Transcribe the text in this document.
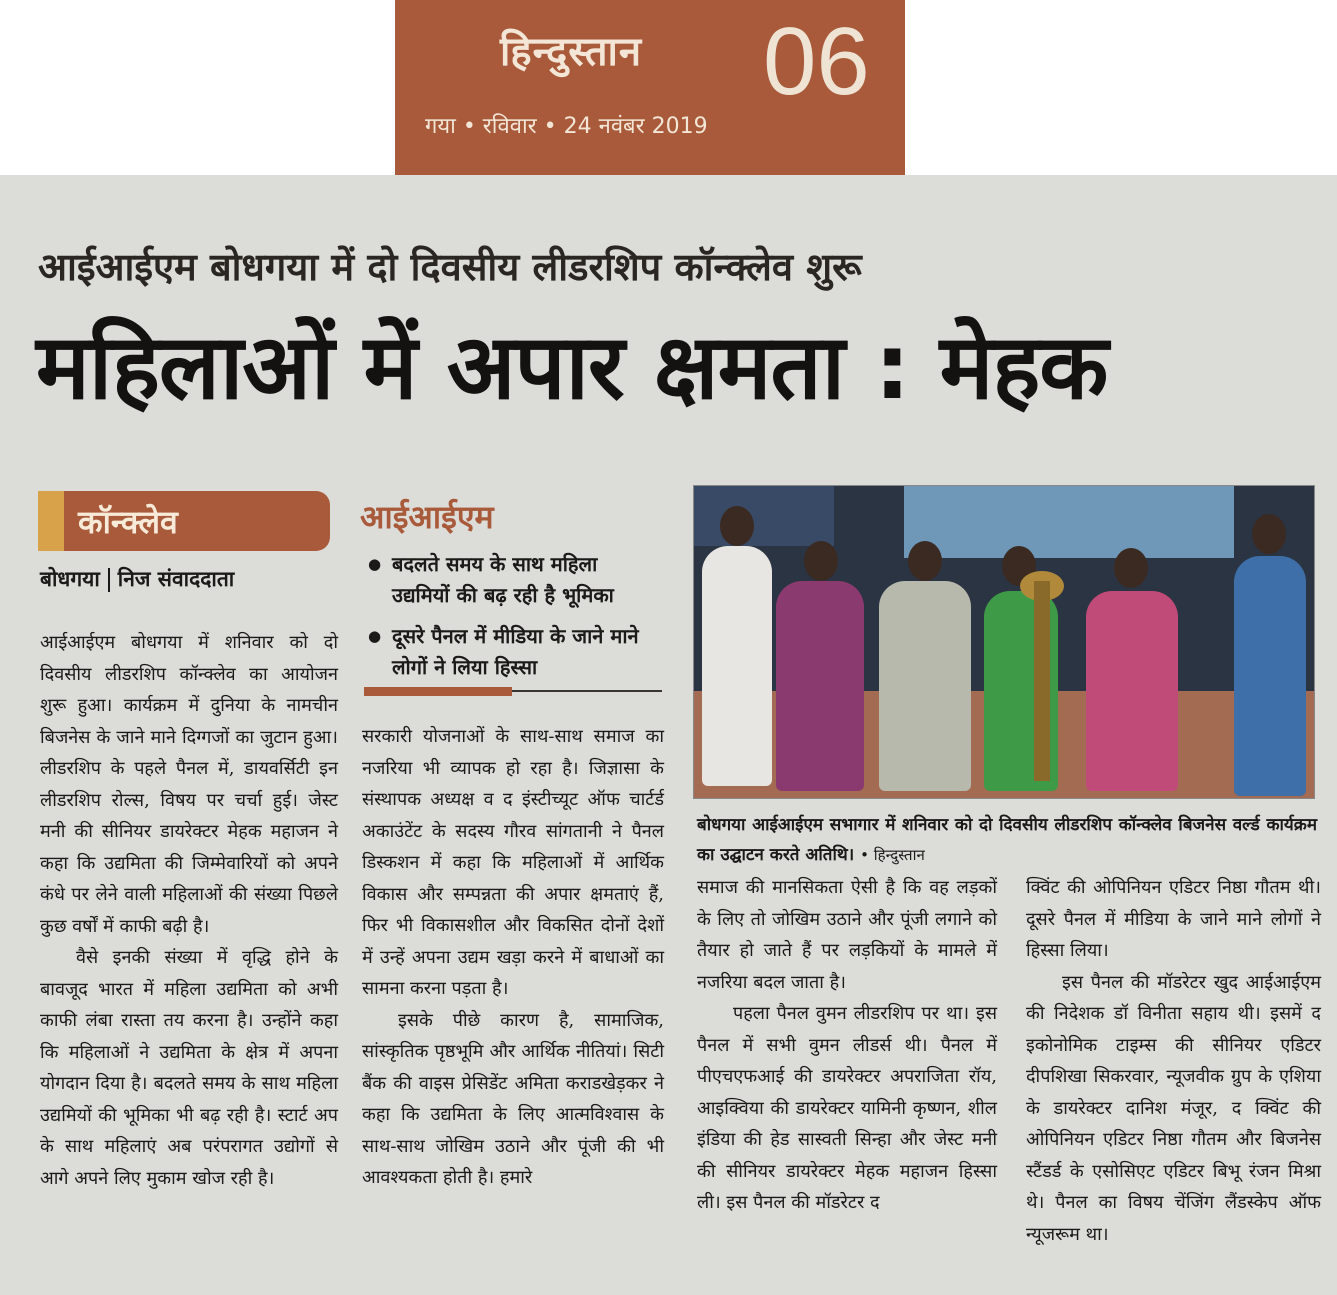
हिन्दुस्तान 06
गया • रविवार • 24 नवंबर 2019
आईआईएम बोधगया में दो दिवसीय लीडरशिप कॉन्क्लेव शुरू
महिलाओं में अपार क्षमता : मेहक
कॉन्क्लेव
बोधगया निज संवाददाता

आईआईएम बोधगया में शनिवार को दो दिवसीय लीडरशिप कॉन्क्लेव का आयोजन शुरू हुआ। कार्यक्रम में दुनिया के नामचीन बिजनेस के जाने माने दिग्गजों का जुटान हुआ। लीडरशिप के पहले पैनल में, डायवर्सिटी इन लीडरशिप रोल्स, विषय पर चर्चा हुई। जेस्ट मनी की सीनियर डायरेक्टर मेहक महाजन ने कहा कि उद्यमिता की जिम्मेवारियों को अपने कंधे पर लेने वाली महिलाओं की संख्या पिछले कुछ वर्षों में काफी बढ़ी है।

वैसे इनकी संख्या में वृद्धि होने के बावजूद भारत में महिला उद्यमिता को अभी काफी लंबा रास्ता तय करना है। उन्होंने कहा कि महिलाओं ने उद्यमिता के क्षेत्र में अपना योगदान दिया है। बदलते समय के साथ महिला उद्यमियों की भूमिका भी बढ़ रही है। स्टार्ट अप के साथ महिलाएं अब परंपरागत उद्योगों से आगे अपने लिए मुकाम खोज रही है।

आईआईएम
● बदलते समय के साथ महिला उद्यमियों की बढ़ रही है भूमिका
● दूसरे पैनल में मीडिया के जाने माने लोगों ने लिया हिस्सा

सरकारी योजनाओं के साथ-साथ समाज का नजरिया भी व्यापक हो रहा है। जिज्ञासा के संस्थापक अध्यक्ष व द इंस्टीच्यूट ऑफ चार्टर्ड अकाउंटेंट के सदस्य गौरव सांगतानी ने पैनल डिस्कशन में कहा कि महिलाओं में आर्थिक विकास और सम्पन्नता की अपार क्षमताएं हैं, फिर भी विकासशील और विकसित दोनों देशों में उन्हें अपना उद्यम खड़ा करने में बाधाओं का सामना करना पड़ता है।

इसके पीछे कारण है, सामाजिक, सांस्कृतिक पृष्ठभूमि और आर्थिक नीतियां। सिटी बैंक की वाइस प्रेसिडेंट अमिता कराडखेड़कर ने कहा कि उद्यमिता के लिए आत्मविश्वास के साथ-साथ जोखिम उठाने और पूंजी की भी आवश्यकता होती है। हमारे

बोधगया आईआईएम सभागार में शनिवार को दो दिवसीय लीडरशिप कॉन्क्लेव बिजनेस वर्ल्ड कार्यक्रम का उद्घाटन करते अतिथि। • हिन्दुस्तान

समाज की मानसिकता ऐसी है कि वह लड़कों के लिए तो जोखिम उठाने और पूंजी लगाने को तैयार हो जाते हैं पर लड़कियों के मामले में नजरिया बदल जाता है।

पहला पैनल वुमन लीडरशिप पर था। इस पैनल में सभी वुमन लीडर्स थी। पैनल में पीएचएफआई की डायरेक्टर अपराजिता रॉय, आइक्विया की डायरेक्टर यामिनी कृष्णन, शील इंडिया की हेड सास्वती सिन्हा और जेस्ट मनी की सीनियर डायरेक्टर मेहक महाजन हिस्सा ली। इस पैनल की मॉडरेटर द

क्विंट की ओपिनियन एडिटर निष्ठा गौतम थी। दूसरे पैनल में मीडिया के जाने माने लोगों ने हिस्सा लिया।

इस पैनल की मॉडरेटर खुद आईआईएम की निदेशक डॉ विनीता सहाय थी। इसमें द इकोनोमिक टाइम्स की सीनियर एडिटर दीपशिखा सिकरवार, न्यूजवीक ग्रुप के एशिया के डायरेक्टर दानिश मंजूर, द क्विंट की ओपिनियन एडिटर निष्ठा गौतम और बिजनेस स्टैंडर्ड के एसोसिएट एडिटर बिभू रंजन मिश्रा थे। पैनल का विषय चेंजिंग लैंडस्केप ऑफ न्यूजरूम था।
